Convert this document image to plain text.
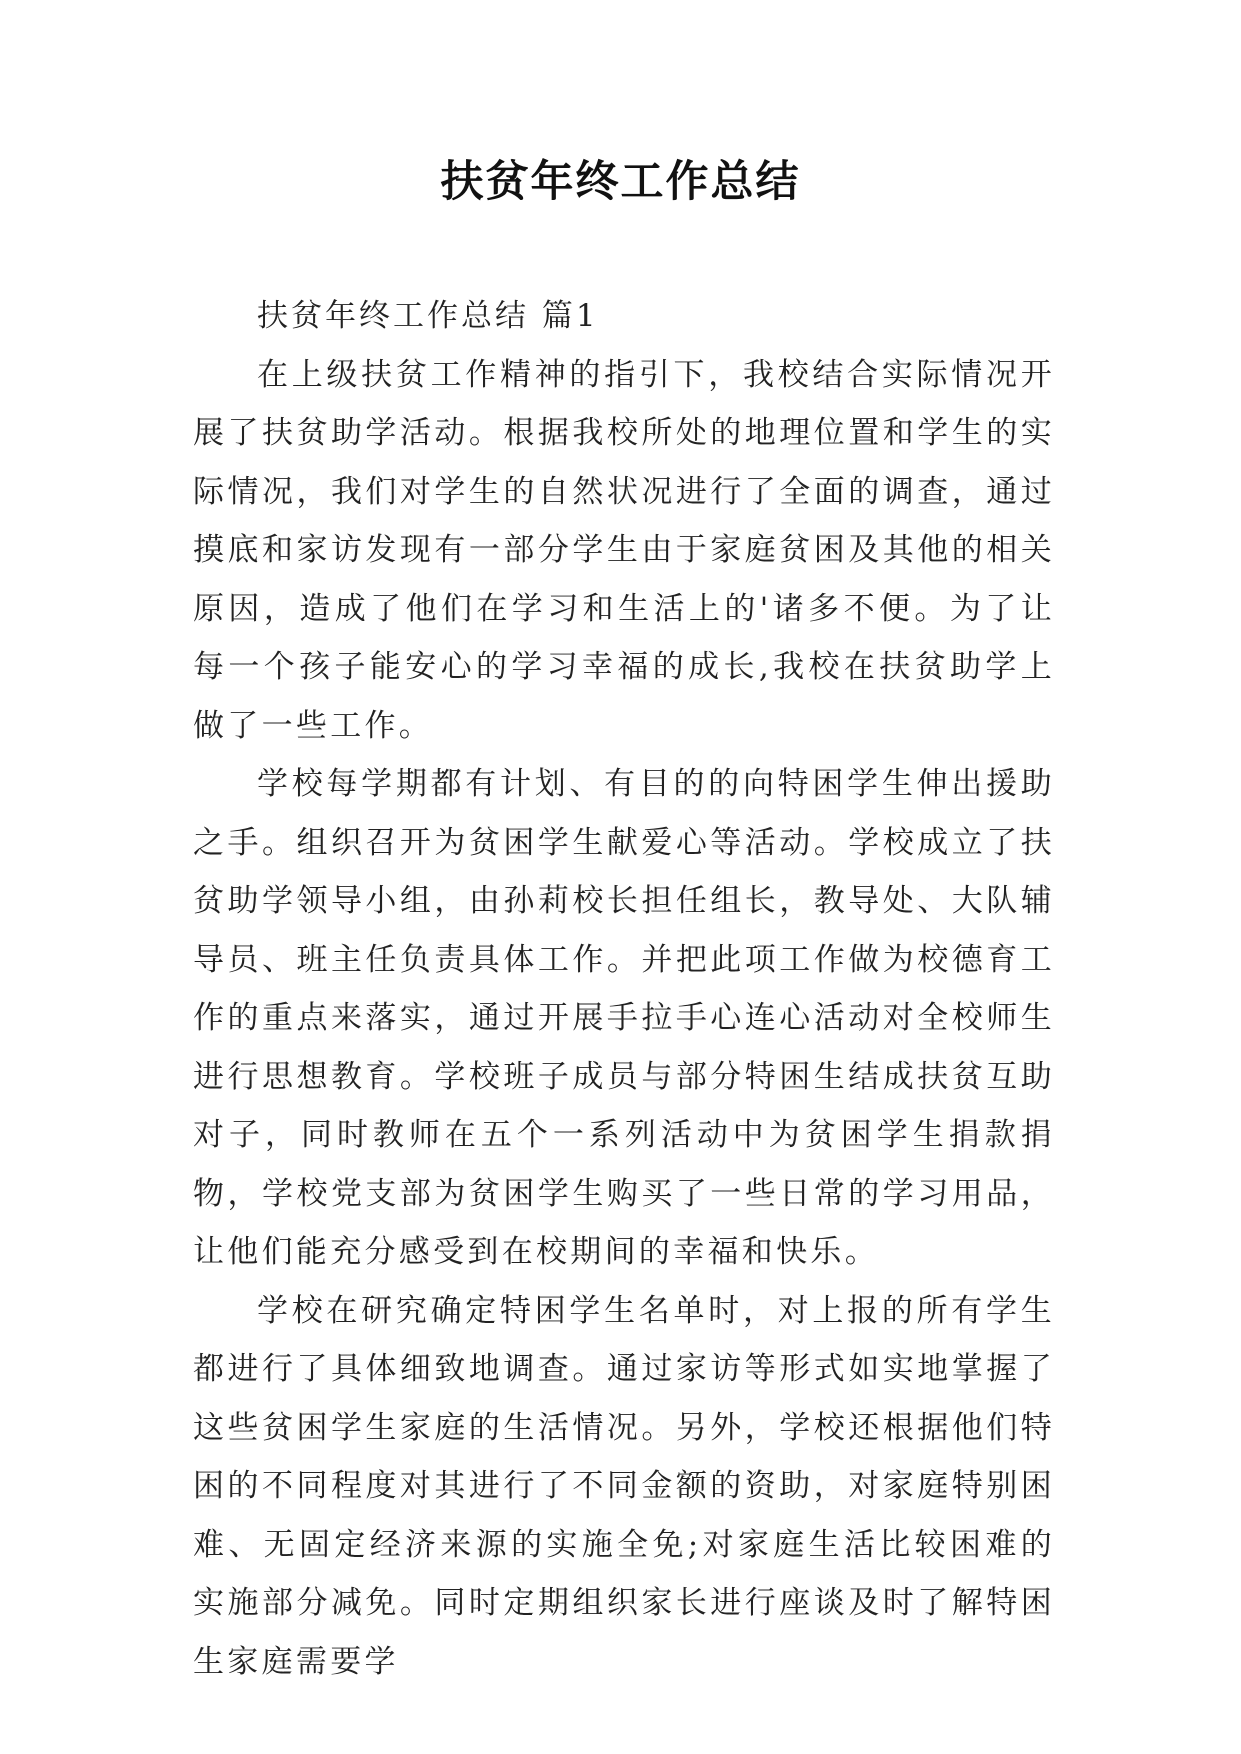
扶贫年终工作总结

扶贫年终工作总结 篇1

在上级扶贫工作精神的指引下，我校结合实际情况开展了扶贫助学活动。根据我校所处的地理位置和学生的实际情况，我们对学生的自然状况进行了全面的调查，通过摸底和家访发现有一部分学生由于家庭贫困及其他的相关原因，造成了他们在学习和生活上的'诸多不便。为了让每一个孩子能安心的学习幸福的成长,我校在扶贫助学上做了一些工作。

学校每学期都有计划、有目的的向特困学生伸出援助之手。组织召开为贫困学生献爱心等活动。学校成立了扶贫助学领导小组，由孙莉校长担任组长，教导处、大队辅导员、班主任负责具体工作。并把此项工作做为校德育工作的重点来落实，通过开展手拉手心连心活动对全校师生进行思想教育。学校班子成员与部分特困生结成扶贫互助对子，同时教师在五个一系列活动中为贫困学生捐款捐物，学校党支部为贫困学生购买了一些日常的学习用品，让他们能充分感受到在校期间的幸福和快乐。

学校在研究确定特困学生名单时，对上报的所有学生都进行了具体细致地调查。通过家访等形式如实地掌握了这些贫困学生家庭的生活情况。另外，学校还根据他们特困的不同程度对其进行了不同金额的资助，对家庭特别困难、无固定经济来源的实施全免;对家庭生活比较困难的实施部分减免。同时定期组织家长进行座谈及时了解特困生家庭需要学
